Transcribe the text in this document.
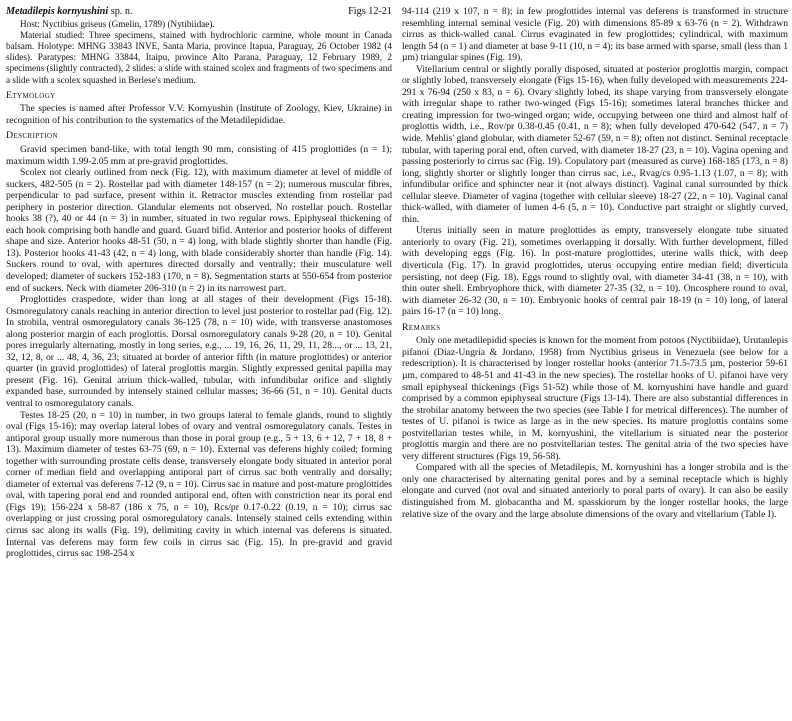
Metadilepis kornyushini sp. n.	Figs 12-21

Host: Nyctibius griseus (Gmelin, 1789) (Nytibiidae).

Material studied: Three specimens, stained with hydrochloric carmine, whole mount in Canada balsam. Holotype: MHNG 33843 INVE, Santa Maria, province Itapua, Paraguay, 26 October 1982 (4 slides). Paratypes: MHNG 33844, Itaipu, province Alto Parana, Paraguay, 12 February 1989, 2 specimens (slightly contracted), 2 slides: a slide with stained scolex and fragments of two specimens and a slide with a scolex squashed in Berlese's medium.

Etymology

The species is named after Professor V.V. Kornyushin (Institute of Zoology, Kiev, Ukraine) in recognition of his contribution to the systematics of the Metadilepididae.

Description

Gravid specimen band-like, with total length 90 mm, consisting of 415 proglottides (n = 1); maximum width 1.99-2.05 mm at pre-gravid proglottides.

Scolex not clearly outlined from neck (Fig. 12), with maximum diameter at level of middle of suckers, 482-505 (n = 2). Rostellar pad with diameter 148-157 (n = 2); numerous muscular fibres, perpendicular to pad surface, present within it. Retractor muscles extending from rostellar pad periphery in posterior direction. Glandular elements not observed. No rostellar pouch. Rostellar hooks 38 (?), 40 or 44 (n = 3) in number, situated in two regular rows. Epiphyseal thickening of each hook comprising both handle and guard. Guard bifid. Anterior and posterior hooks of different shape and size. Anterior hooks 48-51 (50, n = 4) long, with blade slightly shorter than handle (Fig. 13). Posterior hooks 41-43 (42, n = 4) long, with blade considerably shorter than handle (Fig. 14). Suckers round to oval, with apertures directed dorsally and ventrally; their musculature well developed; diameter of suckers 152-183 (170, n = 8). Segmentation starts at 550-654 from posterior end of suckers. Neck with diameter 206-310 (n = 2) in its narrowest part.

Proglottides craspedote, wider than long at all stages of their development (Figs 15-18). Osmoregulatory canals reaching in anterior direction to level just posterior to rostellar pad (Fig. 12). In strobila, ventral osmoregulatory canals 36-125 (78, n = 10) wide, with transverse anastomoses along posterior margin of each proglottis. Dorsal osmoregulatory canals 9-28 (20, n = 10). Genital pores irregularly alternating, mostly in long series, e.g., ... 19, 16, 26, 11, 29, 11, 28..., or ... 13, 21, 32, 12, 8, or ... 48, 4, 36, 23; situated at border of anterior fifth (in mature proglottides) or anterior quarter (in gravid proglottides) of lateral proglottis margin. Slightly expressed genital papilla may present (Fig. 16). Genital atrium thick-walled, tubular, with infundibular orifice and slightly expanded base, surrounded by intensely stained cellular masses; 36-66 (51, n = 10). Genital ducts ventral to osmoregulatory canals.

Testes 18-25 (20, n = 10) in number, in two groups lateral to female glands, round to slightly oval (Figs 15-16); may overlap lateral lobes of ovary and ventral osmoregulatory canals. Testes in antiporal group usually more numerous than those in poral group (e.g., 5 + 13, 6 + 12, 7 + 18, 8 + 13). Maximum diameter of testes 63-75 (69, n = 10). External vas deferens highly coiled; forming together with surrounding prostate cells dense, transversely elongate body situated in anterior poral corner of median field and overlapping antiporal part of cirrus sac both ventrally and dorsally; diameter of external vas deferens 7-12 (9, n = 10). Cirrus sac in mature and post-mature proglottides oval, with tapering poral end and rounded antiporal end, often with constriction near its poral end (Figs 19); 156-224 x 58-87 (186 x 75, n = 10), Rcs/pr 0.17-0.22 (0.19, n = 10); cirrus sac overlapping or just crossing poral osmoregulatory canals. Intensely stained cells extending within cirrus sac along its walls (Fig. 19), delimiting cavity in which internal vas deferens is situated. Internal vas deferens may form few coils in cirrus sac (Fig. 15). In pre-gravid and gravid proglottides, cirrus sac 198-254 x

94-114 (219 x 107, n = 8); in few proglottides internal vas deferens is transformed in structure resembling internal seminal vesicle (Fig. 20) with dimensions 85-89 x 63-76 (n = 2). Withdrawn cirrus as thick-walled canal. Cirrus evaginated in few proglottides; cylindrical, with maximum length 54 (n = 1) and diameter at base 9-11 (10, n = 4); its base armed with sparse, small (less than 1 µm) triangular spines (Fig. 19).

Vitellarium central or slightly porally disposed, situated at posterior proglottis margin, compact or slightly lobed, transversely elongate (Figs 15-16), when fully developed with measurements 224-291 x 76-94 (250 x 83, n = 6). Ovary slightly lobed, its shape varying from transversely elongate with irregular shape to rather two-winged (Figs 15-16); sometimes lateral branches thicker and creating impression for two-winged organ; wide, occupying between one third and almost half of proglottis width, i.e., Rov/pr 0.38-0.45 (0.41, n = 8); when fully developed 470-642 (547, n = 7) wide. Mehlis' gland globular, with diameter 52-67 (59, n = 8); often not distinct. Seminal receptacle tubular, with tapering poral end, often curved, with diameter 18-27 (23, n = 10). Vagina opening and passing posteriorly to cirrus sac (Fig. 19). Copulatory part (measured as curve) 168-185 (173, n = 8) long, slightly shorter or slightly longer than cirrus sac, i.e., Rvag/cs 0.95-1.13 (1.07, n = 8); with infundibular orifice and sphincter near it (not always distinct). Vaginal canal surrounded by thick cellular sleeve. Diameter of vagina (together with cellular sleeve) 18-27 (22, n = 10). Vaginal canal thick-walled, with diameter of lumen 4-6 (5, n = 10). Conductive part straight or slightly curved, thin.

Uterus initially seen in mature proglottides as empty, transversely elongate tube situated anteriorly to ovary (Fig. 21), sometimes overlapping it dorsally. With further development, filled with developing eggs (Fig. 16). In post-mature proglottides, uterine walls thick, with deep diverticula (Fig. 17). In gravid proglottides, uterus occupying entire median field; diverticula persisting, not deep (Fig. 18). Eggs round to slightly oval, with diameter 34-41 (38, n = 10), with thin outer shell. Embryophore thick, with diameter 27-35 (32, n = 10). Oncosphere round to oval, with diameter 26-32 (30, n = 10). Embryonic hooks of central pair 18-19 (n = 10) long, of lateral pairs 16-17 (n = 10) long.

Remarks

Only one metadilepidid species is known for the moment from potoos (Nyctibiidae), Urutaulepis pifanoi (Díaz-Ungría & Jordano, 1958) from Nyctibius griseus in Venezuela (see below for a redescription). It is characterised by longer rostellar hooks (anterior 71.5-73.5 µm, posterior 59-61 µm, compared to 48-51 and 41-43 in the new species). The rostellar hooks of U. pifanoi have very small epiphyseal thickenings (Figs 51-52) while those of M. kornyushini have handle and guard comprised by a common epiphyseal structure (Figs 13-14). There are also substantial differences in the strobilar anatomy between the two species (see Table I for metrical differences). The number of testes of U. pifanoi is twice as large as in the new species. Its mature proglottis contains some postvitellarian testes while, in M. kornyushini, the vitellarium is situated near the posterior proglottis margin and there are no postvitellarian testes. The genital atria of the two species have very different structures (Figs 19, 56-58).

Compared with all the species of Metadilepis, M. kornyushini has a longer strobila and is the only one characterised by alternating genital pores and by a seminal receptacle which is highly elongate and curved (not oval and situated anteriorly to poral parts of ovary). It can also be easily distinguished from M. globacantha and M. spasskiorum by the longer rostellar hooks, the large relative size of the ovary and the large absolute dimensions of the ovary and vitellarium (Table I).
